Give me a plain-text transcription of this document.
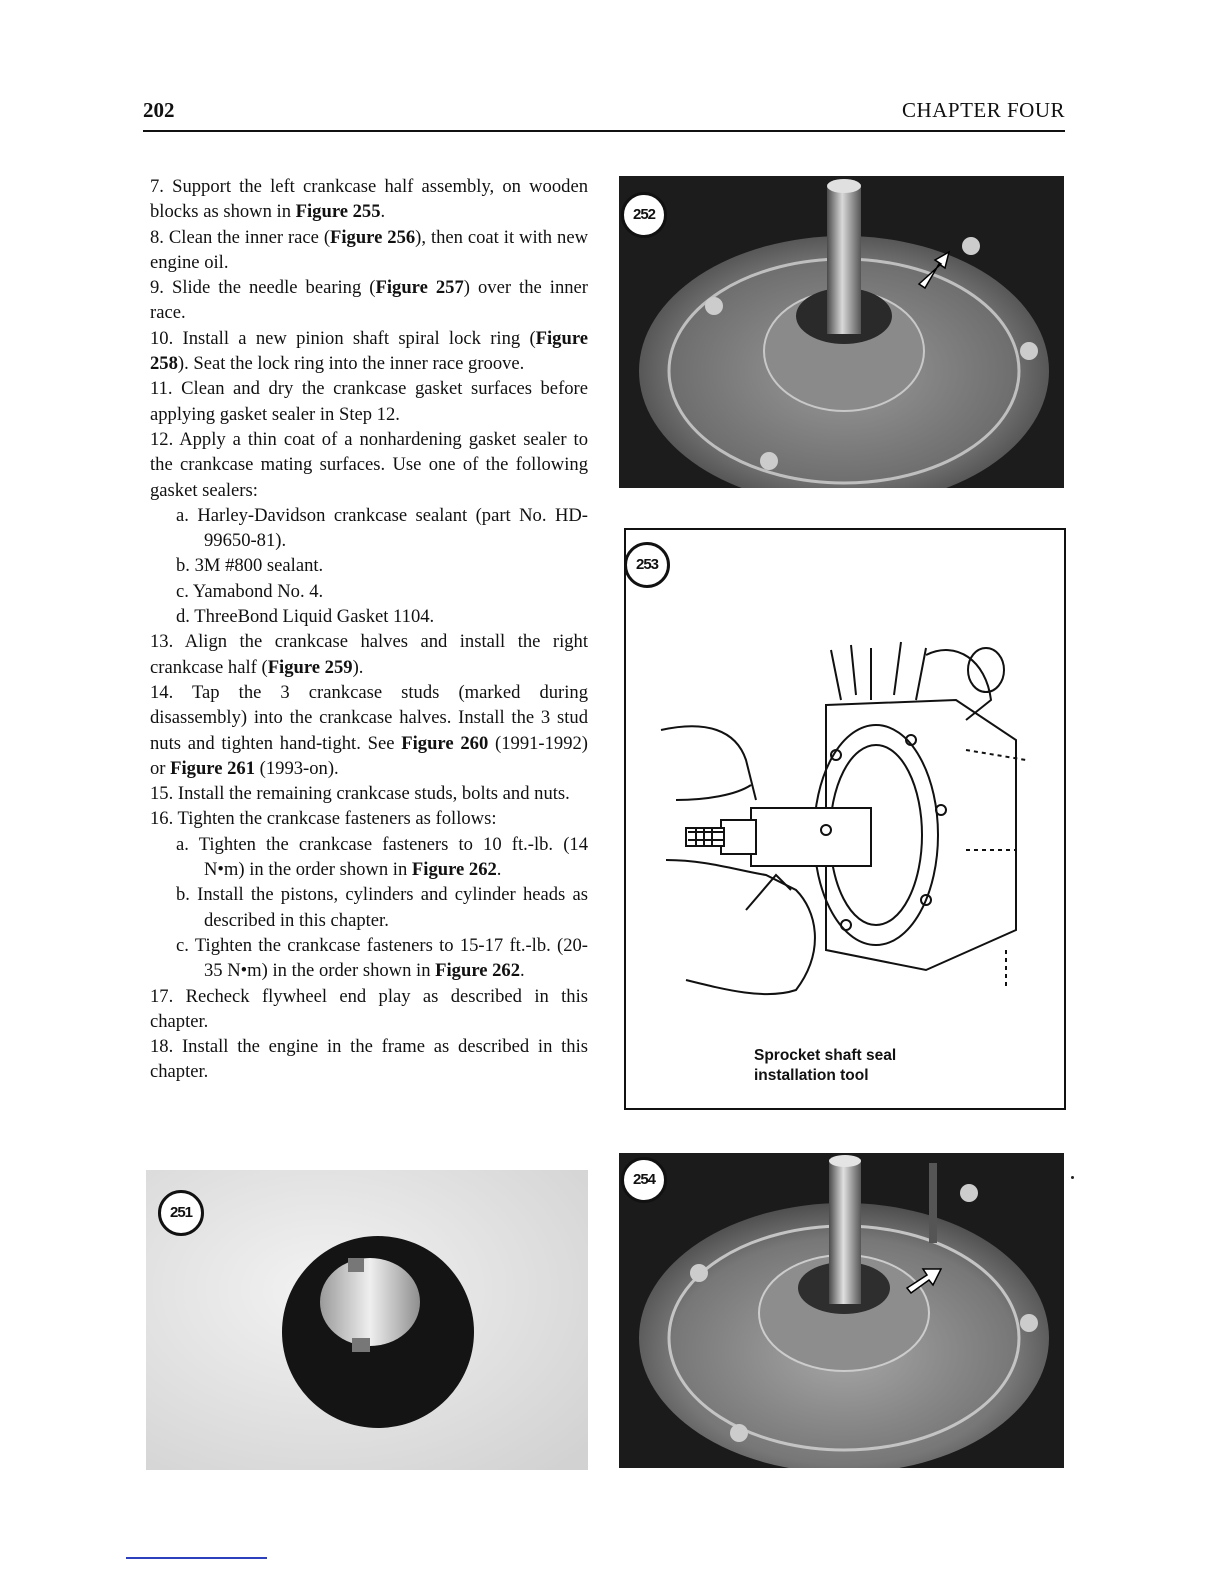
202	CHAPTER FOUR

7. Support the left crankcase half assembly, on wooden blocks as shown in Figure 255.

8. Clean the inner race (Figure 256), then coat it with new engine oil.

9. Slide the needle bearing (Figure 257) over the inner race.

10. Install a new pinion shaft spiral lock ring (Figure 258). Seat the lock ring into the inner race groove.

11. Clean and dry the crankcase gasket surfaces before applying gasket sealer in Step 12.

12. Apply a thin coat of a nonhardening gasket sealer to the crankcase mating surfaces. Use one of the following gasket sealers:

a. Harley-Davidson crankcase sealant (part No. HD-99650-81).

b. 3M #800 sealant.

c. Yamabond No. 4.

d. ThreeBond Liquid Gasket 1104.

13. Align the crankcase halves and install the right crankcase half (Figure 259).

14. Tap the 3 crankcase studs (marked during disassembly) into the crankcase halves. Install the 3 stud nuts and tighten hand-tight. See Figure 260 (1991-1992) or Figure 261 (1993-on).

15. Install the remaining crankcase studs, bolts and nuts.

16. Tighten the crankcase fasteners as follows:

a. Tighten the crankcase fasteners to 10 ft.-lb. (14 N•m) in the order shown in Figure 262.

b. Install the pistons, cylinders and cylinder heads as described in this chapter.

c. Tighten the crankcase fasteners to 15-17 ft.-lb. (20-35 N•m) in the order shown in Figure 262.

17. Recheck flywheel end play as described in this chapter.

18. Install the engine in the frame as described in this chapter.

252
253
Sprocket shaft seal
installation tool
254
251
